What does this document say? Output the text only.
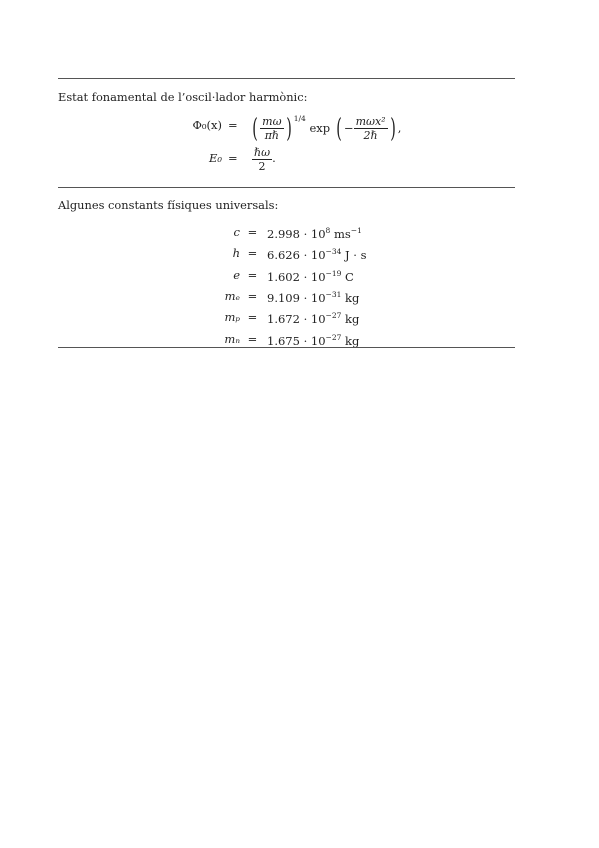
Estat fonamental de l’oscil·lador harmònic:
Φ₀(x) = ( $\frac{m\omega}{\text{πℏ}}$ ) $^{1/4}$ exp ( − $\frac{\text{mωx²}}{\text{2ℏ}}$ ) ,
$E_0 = \frac{\text{ℏω}}{2}$ .
Algunes constants físiques universals:
c	=	$2.998 \cdot 10^8$ $ms^{-1}$
h	=	$6.626 \cdot 10^{-34}$ J · s
e	=	$1.602 \cdot 10^{-19}$ C
mₑ	=	$9.109 \cdot 10^{-31}$ kg
mₚ	=	$1.672 \cdot 10^{-27}$ kg
mₙ	=	$1.675 \cdot 10^{-27}$ kg
